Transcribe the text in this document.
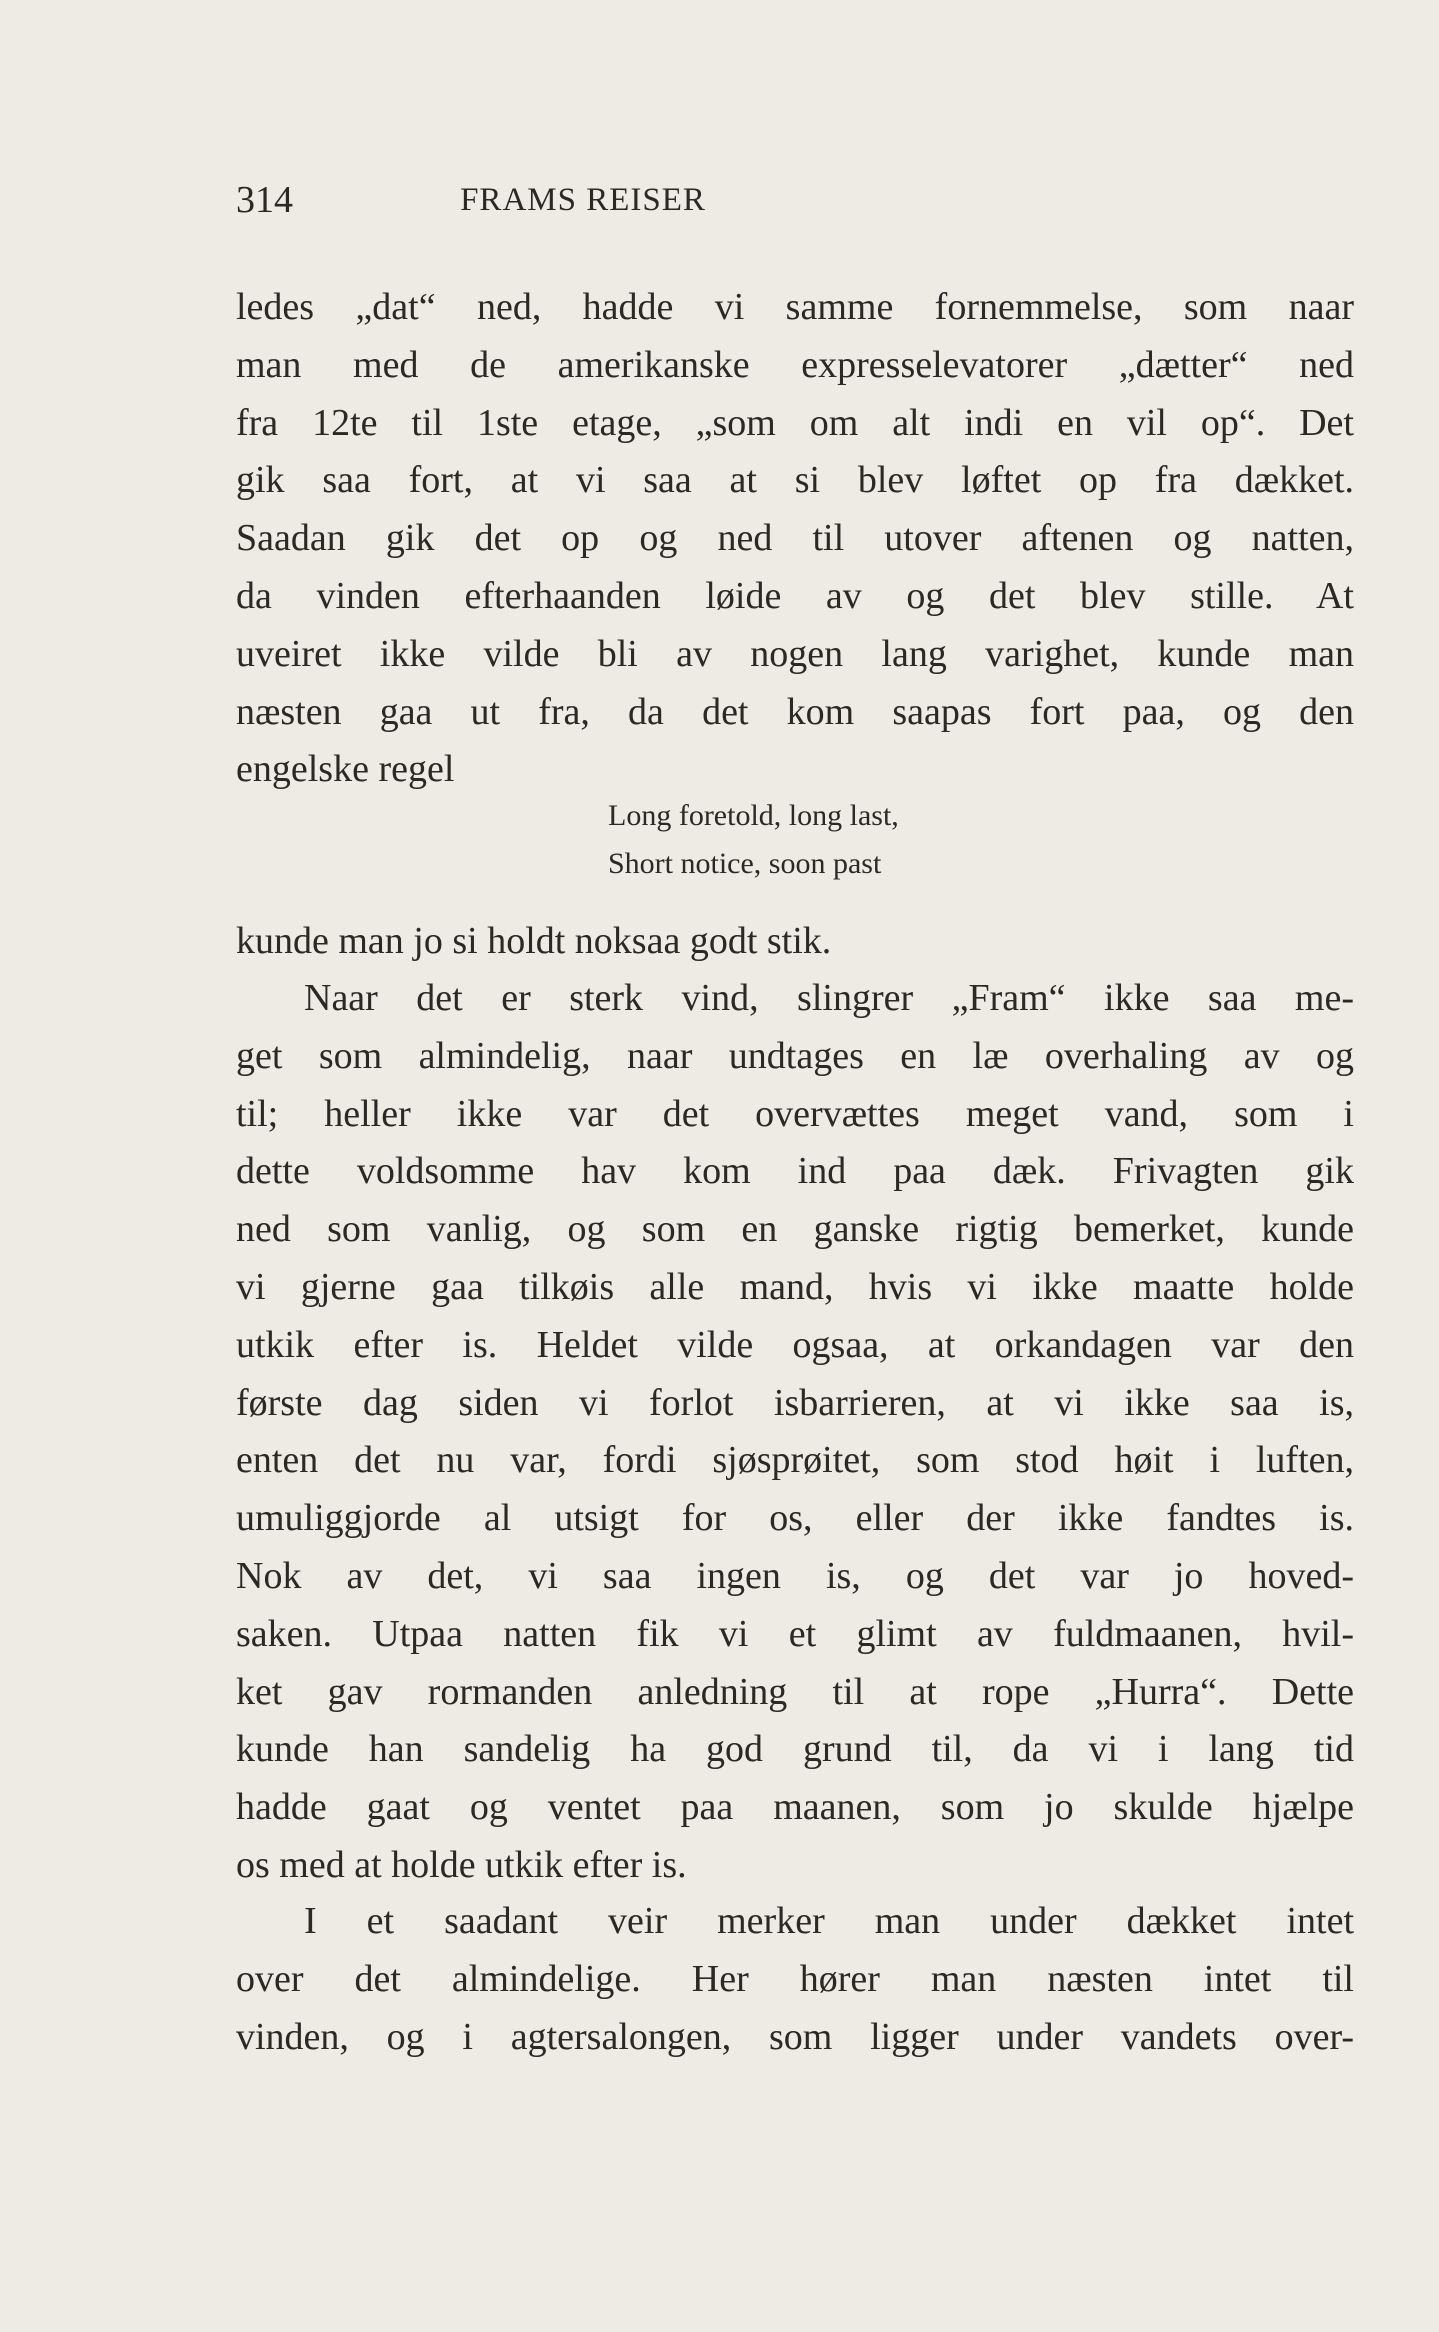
314	FRAMS REISER
ledes „dat“ ned, hadde vi samme fornemmelse, som naar
man med de amerikanske expresselevatorer „dætter“ ned
fra 12te til 1ste etage, „som om alt indi en vil op“. Det
gik saa fort, at vi saa at si blev løftet op fra dækket.
Saadan gik det op og ned til utover aftenen og natten,
da vinden efterhaanden løide av og det blev stille. At
uveiret ikke vilde bli av nogen lang varighet, kunde man
næsten gaa ut fra, da det kom saapas fort paa, og den
engelske regel
Long foretold, long last,
Short notice, soon past
kunde man jo si holdt noksaa godt stik.
Naar det er sterk vind, slingrer „Fram“ ikke saa me-
get som almindelig, naar undtages en læ overhaling av og
til; heller ikke var det overvættes meget vand, som i
dette voldsomme hav kom ind paa dæk. Frivagten gik
ned som vanlig, og som en ganske rigtig bemerket, kunde
vi gjerne gaa tilkøis alle mand, hvis vi ikke maatte holde
utkik efter is. Heldet vilde ogsaa, at orkandagen var den
første dag siden vi forlot isbarrieren, at vi ikke saa is,
enten det nu var, fordi sjøsprøitet, som stod høit i luften,
umuliggjorde al utsigt for os, eller der ikke fandtes is.
Nok av det, vi saa ingen is, og det var jo hoved-
saken. Utpaa natten fik vi et glimt av fuldmaanen, hvil-
ket gav rormanden anledning til at rope „Hurra“. Dette
kunde han sandelig ha god grund til, da vi i lang tid
hadde gaat og ventet paa maanen, som jo skulde hjælpe
os med at holde utkik efter is.
I et saadant veir merker man under dækket intet
over det almindelige. Her hører man næsten intet til
vinden, og i agtersalongen, som ligger under vandets over-
